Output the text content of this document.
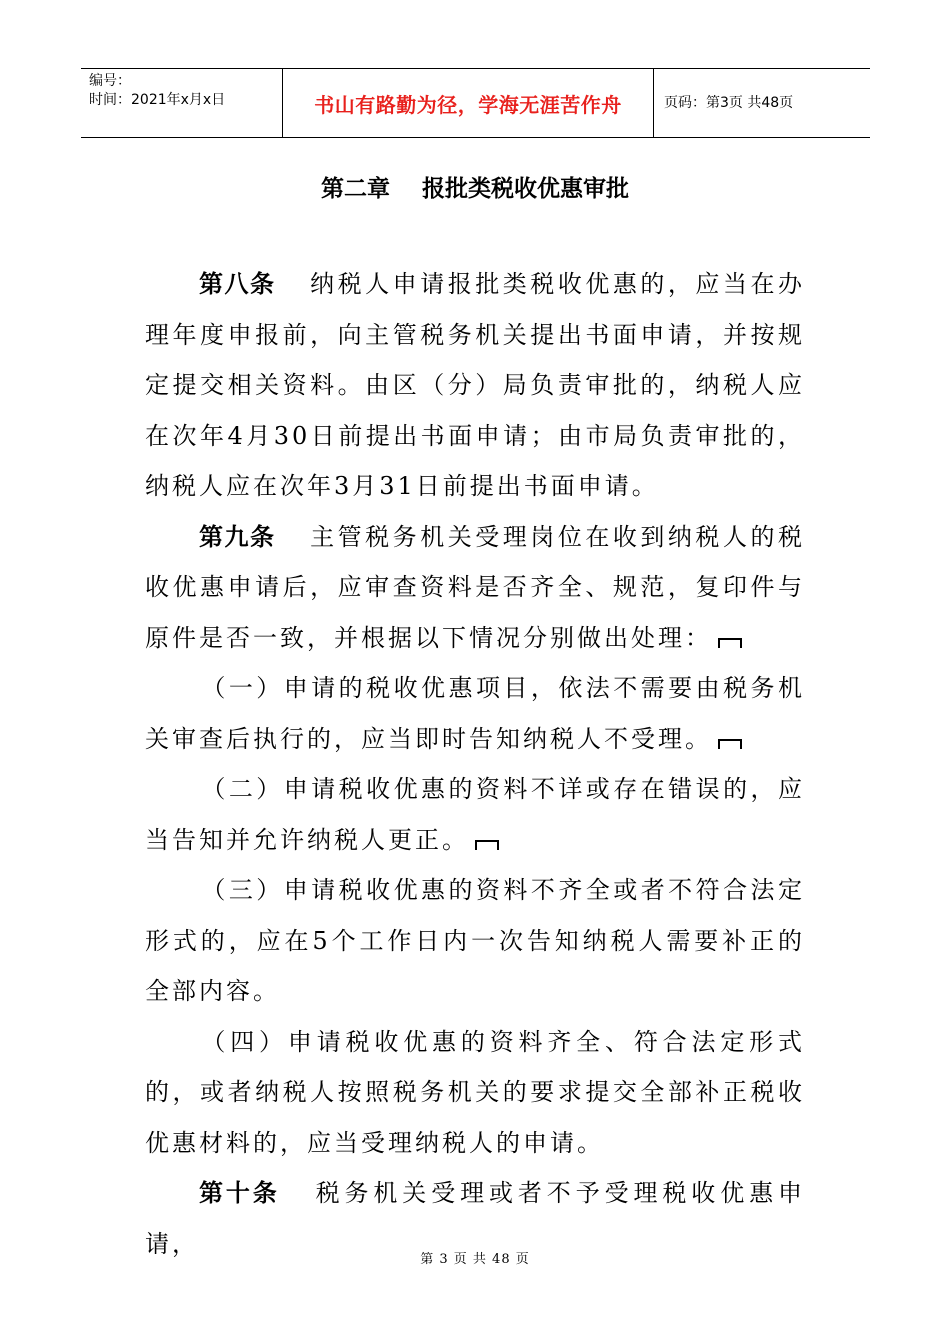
编号：
时间：2021年x月x日	书山有路勤为径，学海无涯苦作舟	页码：第3页 共48页
第二章    报批类税收优惠审批

第八条 纳税人申请报批类税收优惠的，应当在办理年度申报前，向主管税务机关提出书面申请，并按规定提交相关资料。由区（分）局负责审批的，纳税人应在次年4月30日前提出书面申请；由市局负责审批的，纳税人应在次年3月31日前提出书面申请。

第九条 主管税务机关受理岗位在收到纳税人的税收优惠申请后，应审查资料是否齐全、规范，复印件与原件是否一致，并根据以下情况分别做出处理：

（一）申请的税收优惠项目，依法不需要由税务机关审查后执行的，应当即时告知纳税人不受理。

（二）申请税收优惠的资料不详或存在错误的，应当告知并允许纳税人更正。

（三）申请税收优惠的资料不齐全或者不符合法定形式的，应在5个工作日内一次告知纳税人需要补正的全部内容。

（四）申请税收优惠的资料齐全、符合法定形式的，或者纳税人按照税务机关的要求提交全部补正税收优惠材料的，应当受理纳税人的申请。

第十条 税务机关受理或者不予受理税收优惠申请，

第 3 页 共 48 页
